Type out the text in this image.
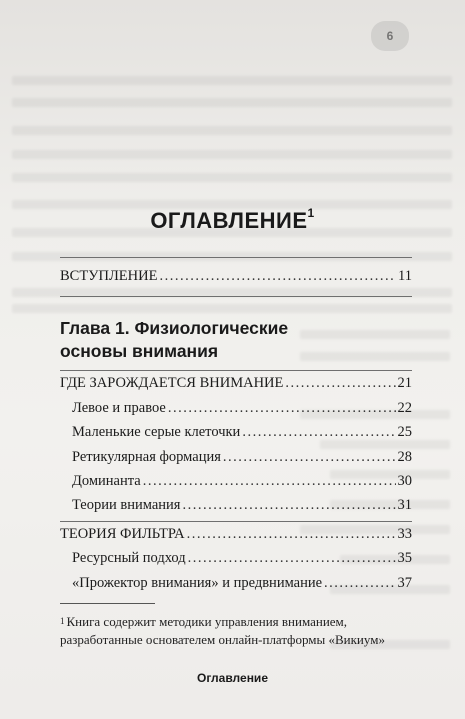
6
ОГЛАВЛЕНИЕ$^1$
ВСТУПЛЕНИЕ .....	11
Глава 1. Физиологические
основы внимания
ГДЕ ЗАРОЖДАЕТСЯ ВНИМАНИЕ .....	21
Левое и правое .....	22
Маленькие серые клеточки .....	25
Ретикулярная формация .....	28
Доминанта .....	30
Теории внимания .....	31
ТЕОРИЯ ФИЛЬТРА .....	33
Ресурсный подход .....	35
«Прожектор внимания» и предвнимание .....	37
$^1$ Книга содержит методики управления вниманием, разработанные основателем онлайн-платформы «Викиум»
Оглавление
